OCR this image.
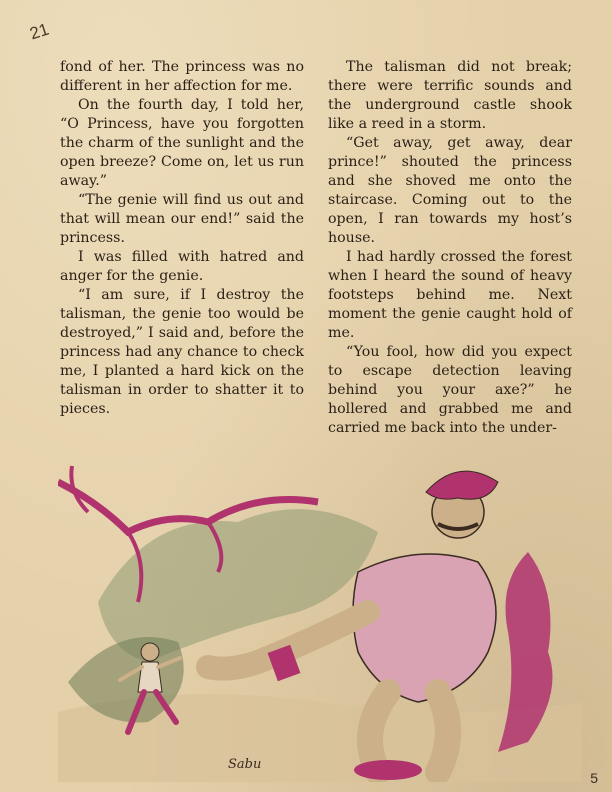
21

fond of her. The princess was no different in her affection for me.

On the fourth day, I told her, “O Princess, have you forgotten the charm of the sunlight and the open breeze? Come on, let us run away.”

“The genie will find us out and that will mean our end!” said the princess.

I was filled with hatred and anger for the genie.

“I am sure, if I destroy the talisman, the genie too would be destroyed,” I said and, before the princess had any chance to check me, I planted a hard kick on the talisman in order to shatter it to pieces.

The talisman did not break; there were terrific sounds and the underground castle shook like a reed in a storm.

“Get away, get away, dear prince!” shouted the princess and she shoved me onto the staircase. Coming out to the open, I ran towards my host’s house.

I had hardly crossed the forest when I heard the sound of heavy footsteps behind me. Next moment the genie caught hold of me.

“You fool, how did you expect to escape detection leaving behind you your axe?” he hollered and grabbed me and carried me back into the under-

Sabu
5
